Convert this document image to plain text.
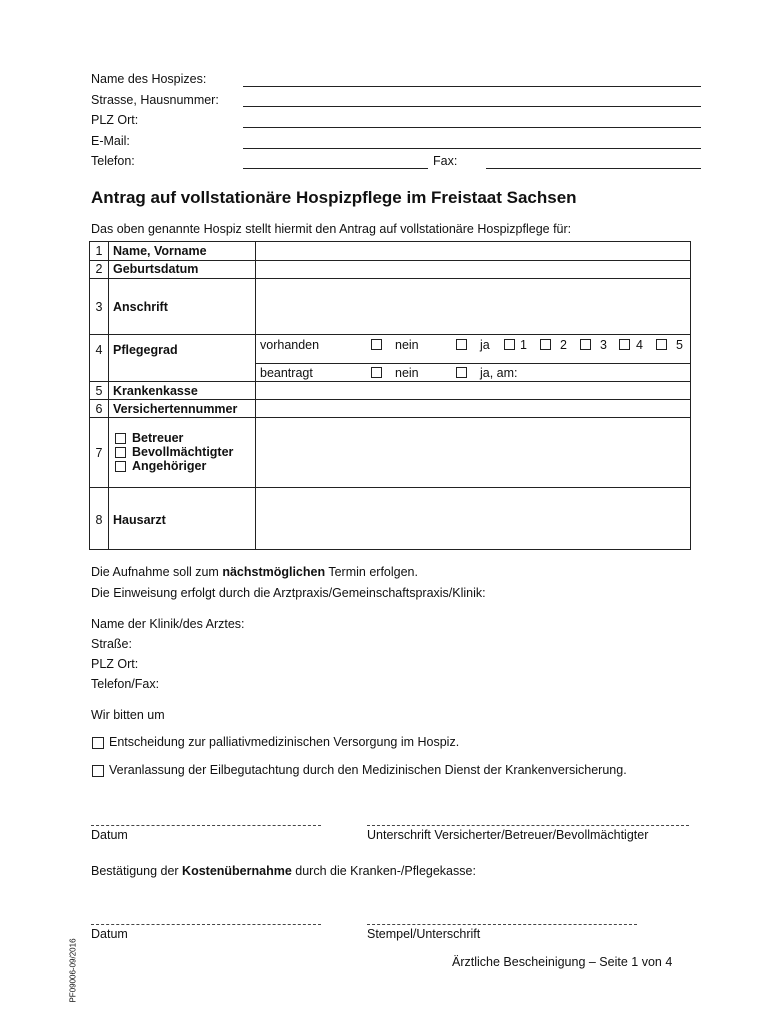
Name des Hospizes:
Strasse, Hausnummer:
PLZ Ort:
E-Mail:
Telefon:	Fax:
Antrag auf vollstationäre Hospizpflege im Freistaat Sachsen
Das oben genannte Hospiz stellt hiermit den Antrag auf vollstationäre Hospizpflege für:
1 Name, Vorname
2 Geburtsdatum
3 Anschrift
4 Pflegegrad	vorhanden	nein	ja 1	2	3 4	5
beantragt	nein	ja, am:
5 Krankenkasse
6 Versichertennummer
7
Betreuer
Bevollmächtigter
Angehöriger
8 Hausarzt
Die Aufnahme soll zum nächstmöglichen Termin erfolgen.
Die Einweisung erfolgt durch die Arztpraxis/Gemeinschaftspraxis/Klinik:
Name der Klinik/des Arztes:
Straße:
PLZ Ort:
Telefon/Fax:
Wir bitten um
Entscheidung zur palliativmedizinischen Versorgung im Hospiz.
Veranlassung der Eilbegutachtung durch den Medizinischen Dienst der Krankenversicherung.
Datum	Unterschrift Versicherter/Betreuer/Bevollmächtigter
Bestätigung der Kostenübernahme durch die Kranken-/Pflegekasse:
Datum	Stempel/Unterschrift
Ärztliche Bescheinigung – Seite 1 von 4
PF09006-09/2016
